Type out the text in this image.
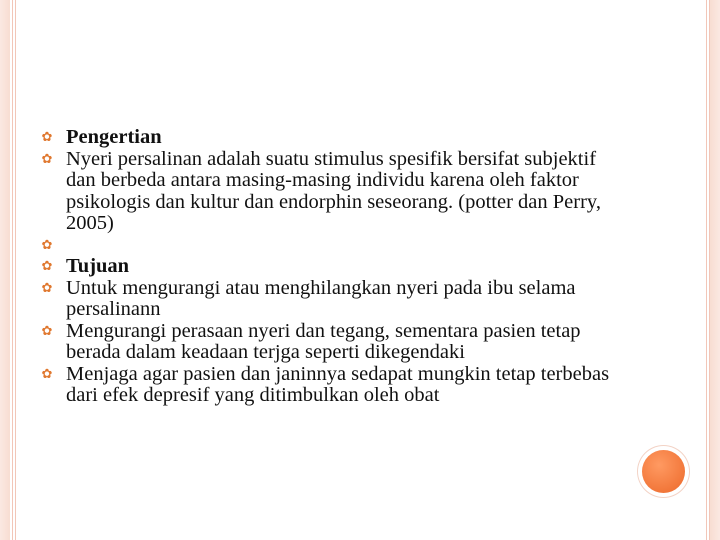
✿ Pengertian
✿ Nyeri persalinan adalah suatu stimulus spesifik bersifat subjektif dan berbeda antara masing-masing individu karena oleh faktor psikologis dan kultur dan endorphin seseorang. (potter dan Perry, 2005)
✿
✿ Tujuan
✿ Untuk mengurangi atau menghilangkan nyeri pada ibu selama persalinann
✿ Mengurangi perasaan nyeri dan tegang, sementara pasien tetap berada dalam keadaan terjga seperti dikegendaki
✿ Menjaga agar pasien dan janinnya sedapat mungkin tetap terbebas dari efek depresif yang ditimbulkan oleh obat
